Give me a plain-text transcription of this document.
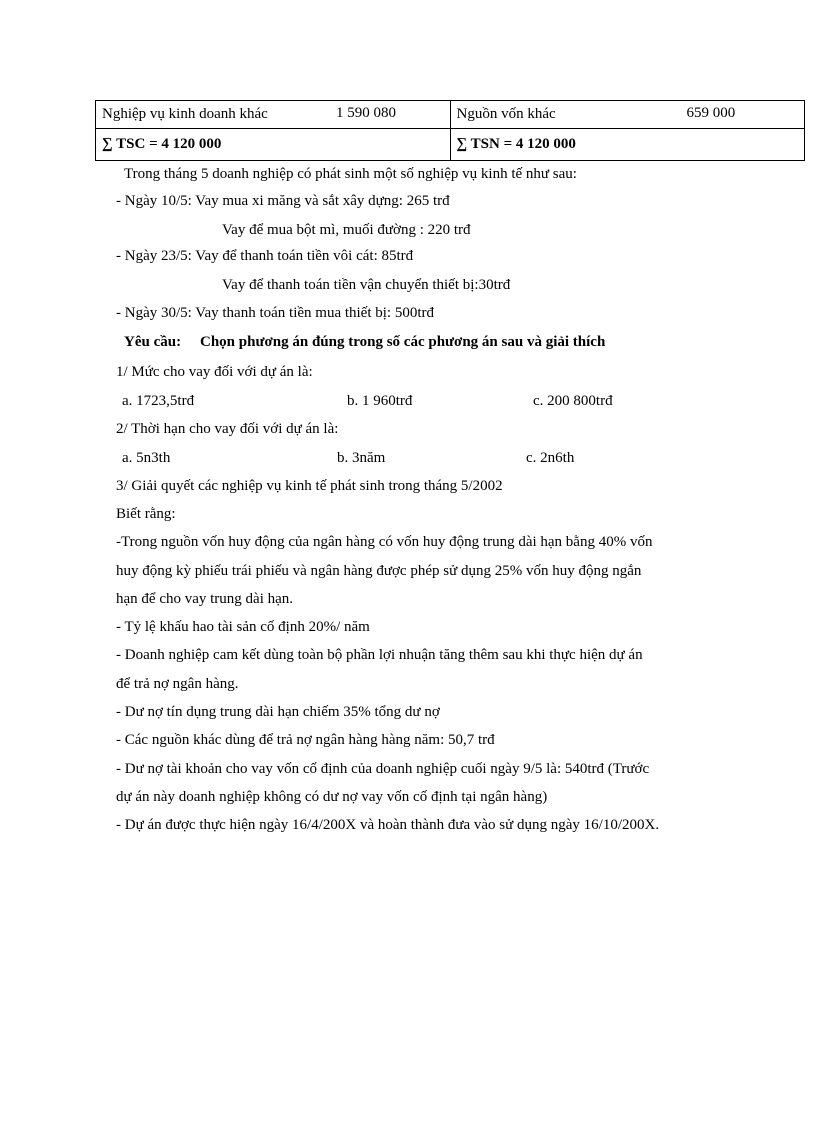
Nghiệp vụ kinh doanh khác 1 590 080	Nguồn vốn khác 659 000

∑ TSC = 4 120 000	∑ TSN = 4 120 000
Trong tháng 5 doanh nghiệp có phát sinh một số nghiệp vụ kinh tế như sau:
- Ngày 10/5: Vay mua xi măng và sắt xây dựng: 265 trđ
Vay để mua bột mì, muối đường : 220 trđ
- Ngày 23/5: Vay để thanh toán tiền vôi cát: 85trđ
Vay để thanh toán tiền vận chuyển thiết bị:30trđ
- Ngày 30/5: Vay thanh toán tiền mua thiết bị: 500trđ
Yêu cầu: Chọn phương án đúng trong số các phương án sau và giải thích
1/ Mức cho vay đối với dự án là:
a. 1723,5trđ	b. 1 960trđ	c. 200 800trđ
2/ Thời hạn cho vay đối với dự án là:
a. 5n3th	b. 3năm	c. 2n6th
3/ Giải quyết các nghiệp vụ kinh tế phát sinh trong tháng 5/2002
Biết rằng:
-Trong nguồn vốn huy động của ngân hàng có vốn huy động trung dài hạn bằng 40% vốn
huy động kỳ phiếu trái phiếu và ngân hàng được phép sử dụng 25% vốn huy động ngắn
hạn để cho vay trung dài hạn.
- Tỷ lệ khấu hao tài sản cố định 20%/ năm
- Doanh nghiệp cam kết dùng toàn bộ phần lợi nhuận tăng thêm sau khi thực hiện dự án
để trả nợ ngân hàng.
- Dư nợ tín dụng trung dài hạn chiếm 35% tổng dư nợ
- Các nguồn khác dùng để trả nợ ngân hàng hàng năm: 50,7 trđ
- Dư nợ tài khoản cho vay vốn cố định của doanh nghiệp cuối ngày 9/5 là: 540trđ (Trước
dự án này doanh nghiệp không có dư nợ vay vốn cố định tại ngân hàng)
- Dự án được thực hiện ngày 16/4/200X và hoàn thành đưa vào sử dụng ngày 16/10/200X.
